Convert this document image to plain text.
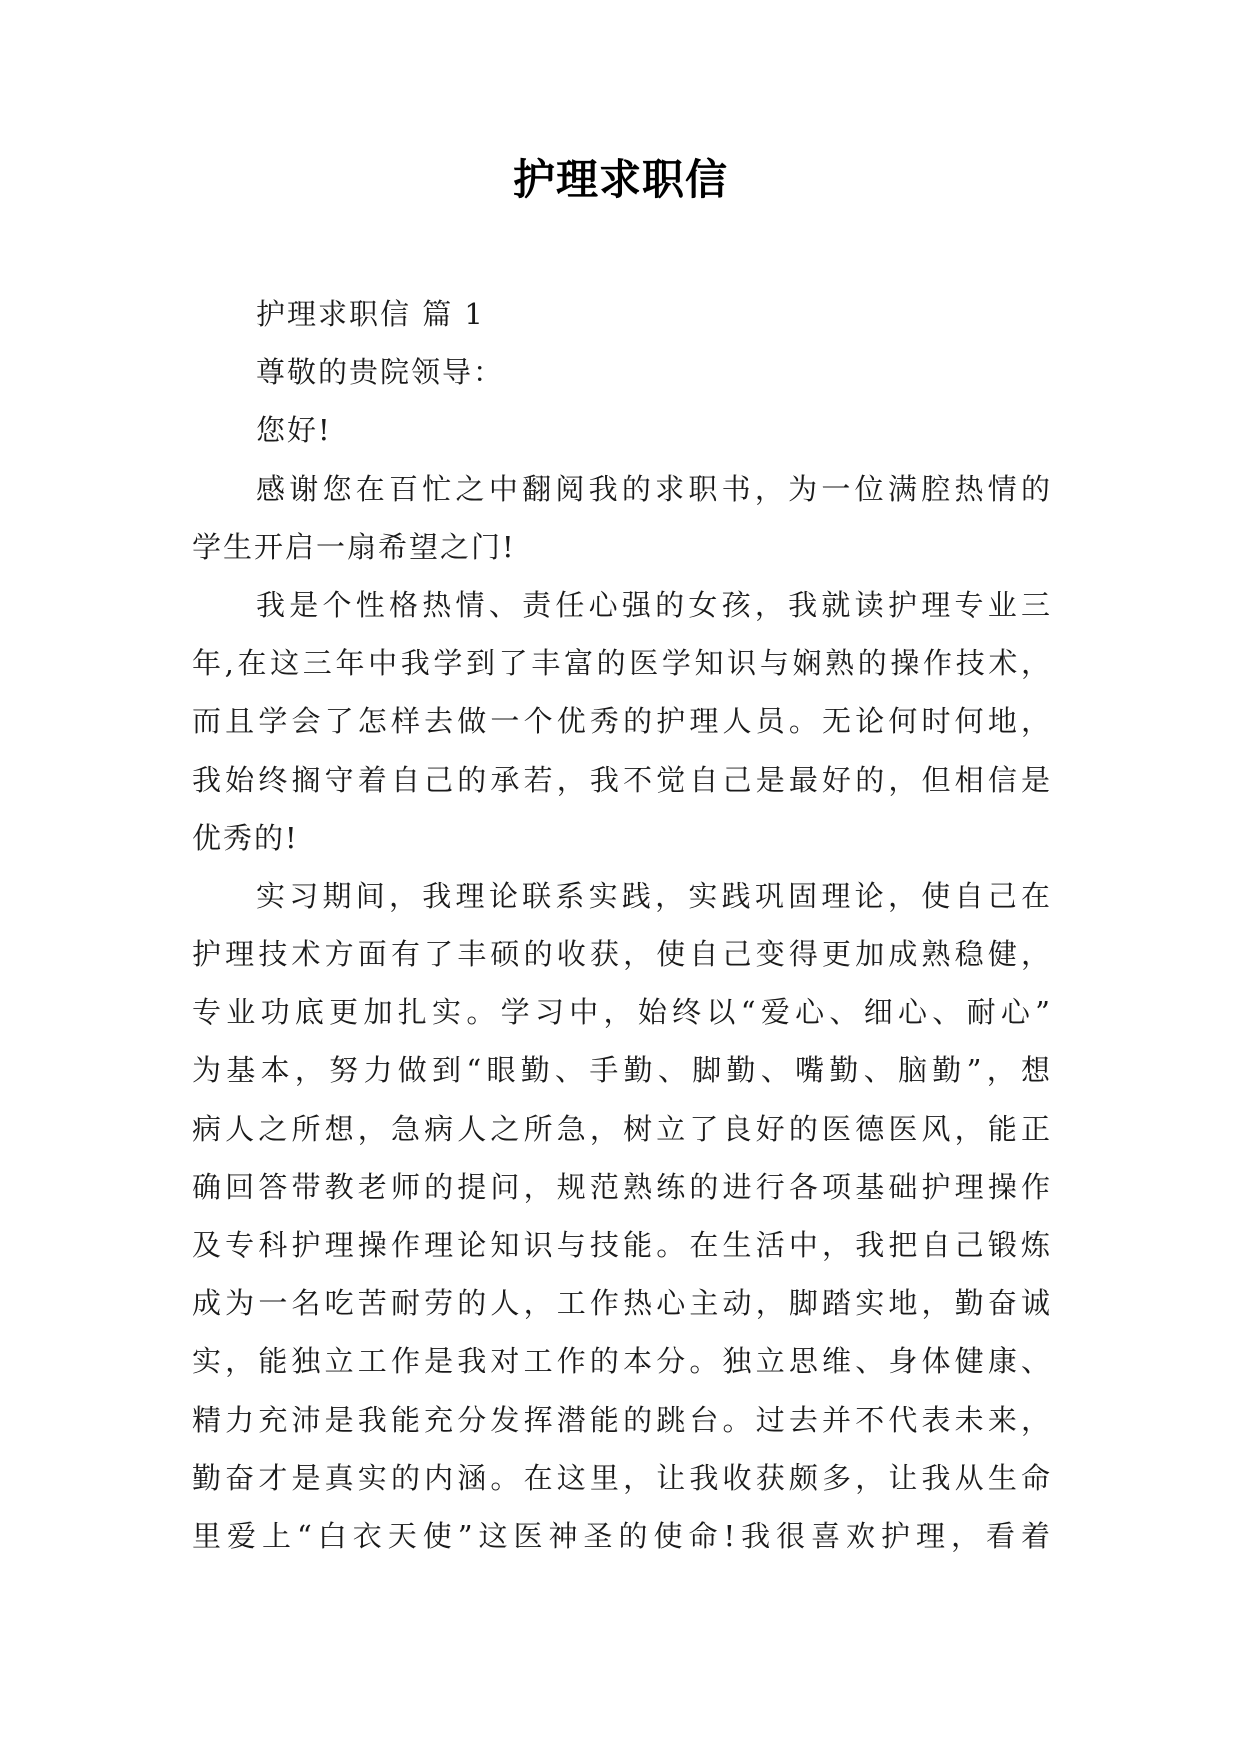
护理求职信
护理求职信 篇 1
尊敬的贵院领导：
您好!
感谢您在百忙之中翻阅我的求职书，为一位满腔热情的
学生开启一扇希望之门!
我是个性格热情、责任心强的女孩，我就读护理专业三
年,在这三年中我学到了丰富的医学知识与娴熟的操作技术，
而且学会了怎样去做一个优秀的护理人员。无论何时何地，
我始终搁守着自己的承若，我不觉自己是最好的，但相信是
优秀的!
实习期间，我理论联系实践，实践巩固理论，使自己在
护理技术方面有了丰硕的收获，使自己变得更加成熟稳健，
专业功底更加扎实。学习中，始终以“爱心、细心、耐心”
为基本，努力做到“眼勤、手勤、脚勤、嘴勤、脑勤”，想
病人之所想，急病人之所急，树立了良好的医德医风，能正
确回答带教老师的提问，规范熟练的进行各项基础护理操作
及专科护理操作理论知识与技能。在生活中，我把自己锻炼
成为一名吃苦耐劳的人，工作热心主动，脚踏实地，勤奋诚
实，能独立工作是我对工作的本分。独立思维、身体健康、
精力充沛是我能充分发挥潜能的跳台。过去并不代表未来，
勤奋才是真实的内涵。在这里，让我收获颇多，让我从生命
里爱上“白衣天使”这医神圣的使命!我很喜欢护理，看着
